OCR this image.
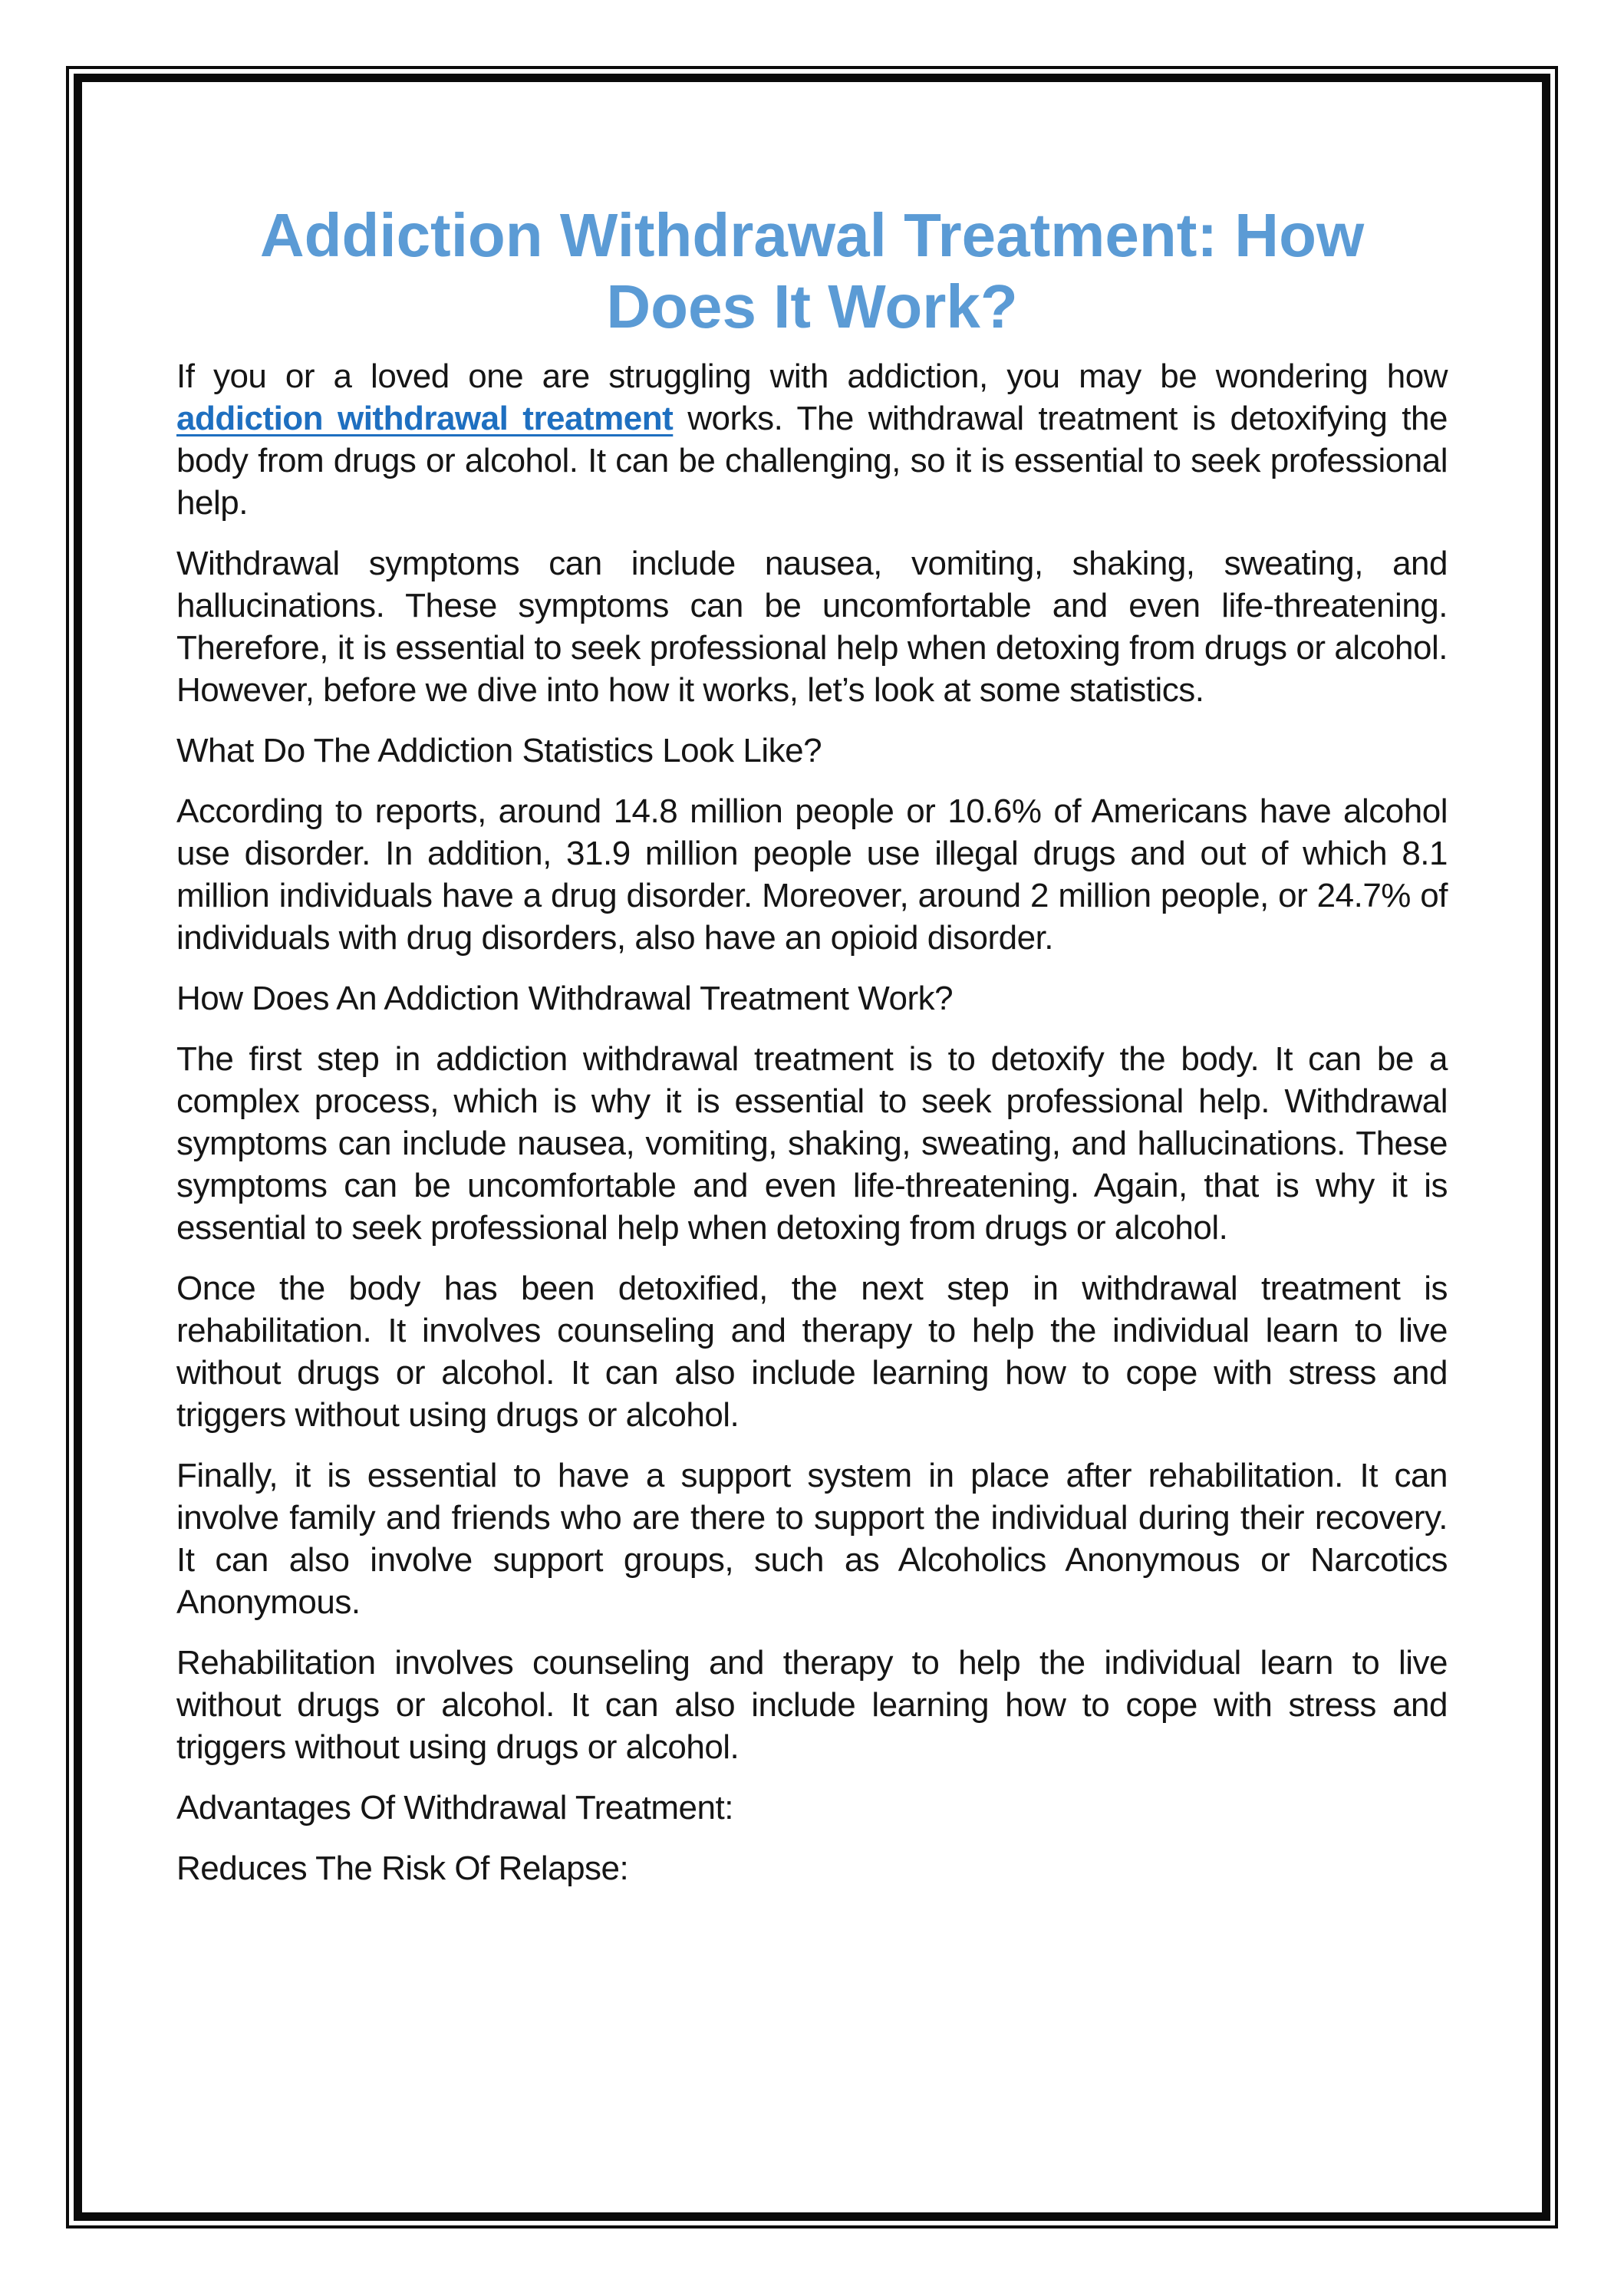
Addiction Withdrawal Treatment: How Does It Work?

If you or a loved one are struggling with addiction, you may be wondering how addiction withdrawal treatment works. The withdrawal treatment is detoxifying the body from drugs or alcohol. It can be challenging, so it is essential to seek professional help.

Withdrawal symptoms can include nausea, vomiting, shaking, sweating, and hallucinations. These symptoms can be uncomfortable and even life-threatening. Therefore, it is essential to seek professional help when detoxing from drugs or alcohol. However, before we dive into how it works, let’s look at some statistics.

What Do The Addiction Statistics Look Like?

According to reports, around 14.8 million people or 10.6% of Americans have alcohol use disorder. In addition, 31.9 million people use illegal drugs and out of which 8.1 million individuals have a drug disorder. Moreover, around 2 million people, or 24.7% of individuals with drug disorders, also have an opioid disorder.

How Does An Addiction Withdrawal Treatment Work?

The first step in addiction withdrawal treatment is to detoxify the body. It can be a complex process, which is why it is essential to seek professional help. Withdrawal symptoms can include nausea, vomiting, shaking, sweating, and hallucinations. These symptoms can be uncomfortable and even life-threatening. Again, that is why it is essential to seek professional help when detoxing from drugs or alcohol.

Once the body has been detoxified, the next step in withdrawal treatment is rehabilitation. It involves counseling and therapy to help the individual learn to live without drugs or alcohol. It can also include learning how to cope with stress and triggers without using drugs or alcohol.

Finally, it is essential to have a support system in place after rehabilitation. It can involve family and friends who are there to support the individual during their recovery. It can also involve support groups, such as Alcoholics Anonymous or Narcotics Anonymous.

Rehabilitation involves counseling and therapy to help the individual learn to live without drugs or alcohol. It can also include learning how to cope with stress and triggers without using drugs or alcohol.

Advantages Of Withdrawal Treatment:
Reduces The Risk Of Relapse:
